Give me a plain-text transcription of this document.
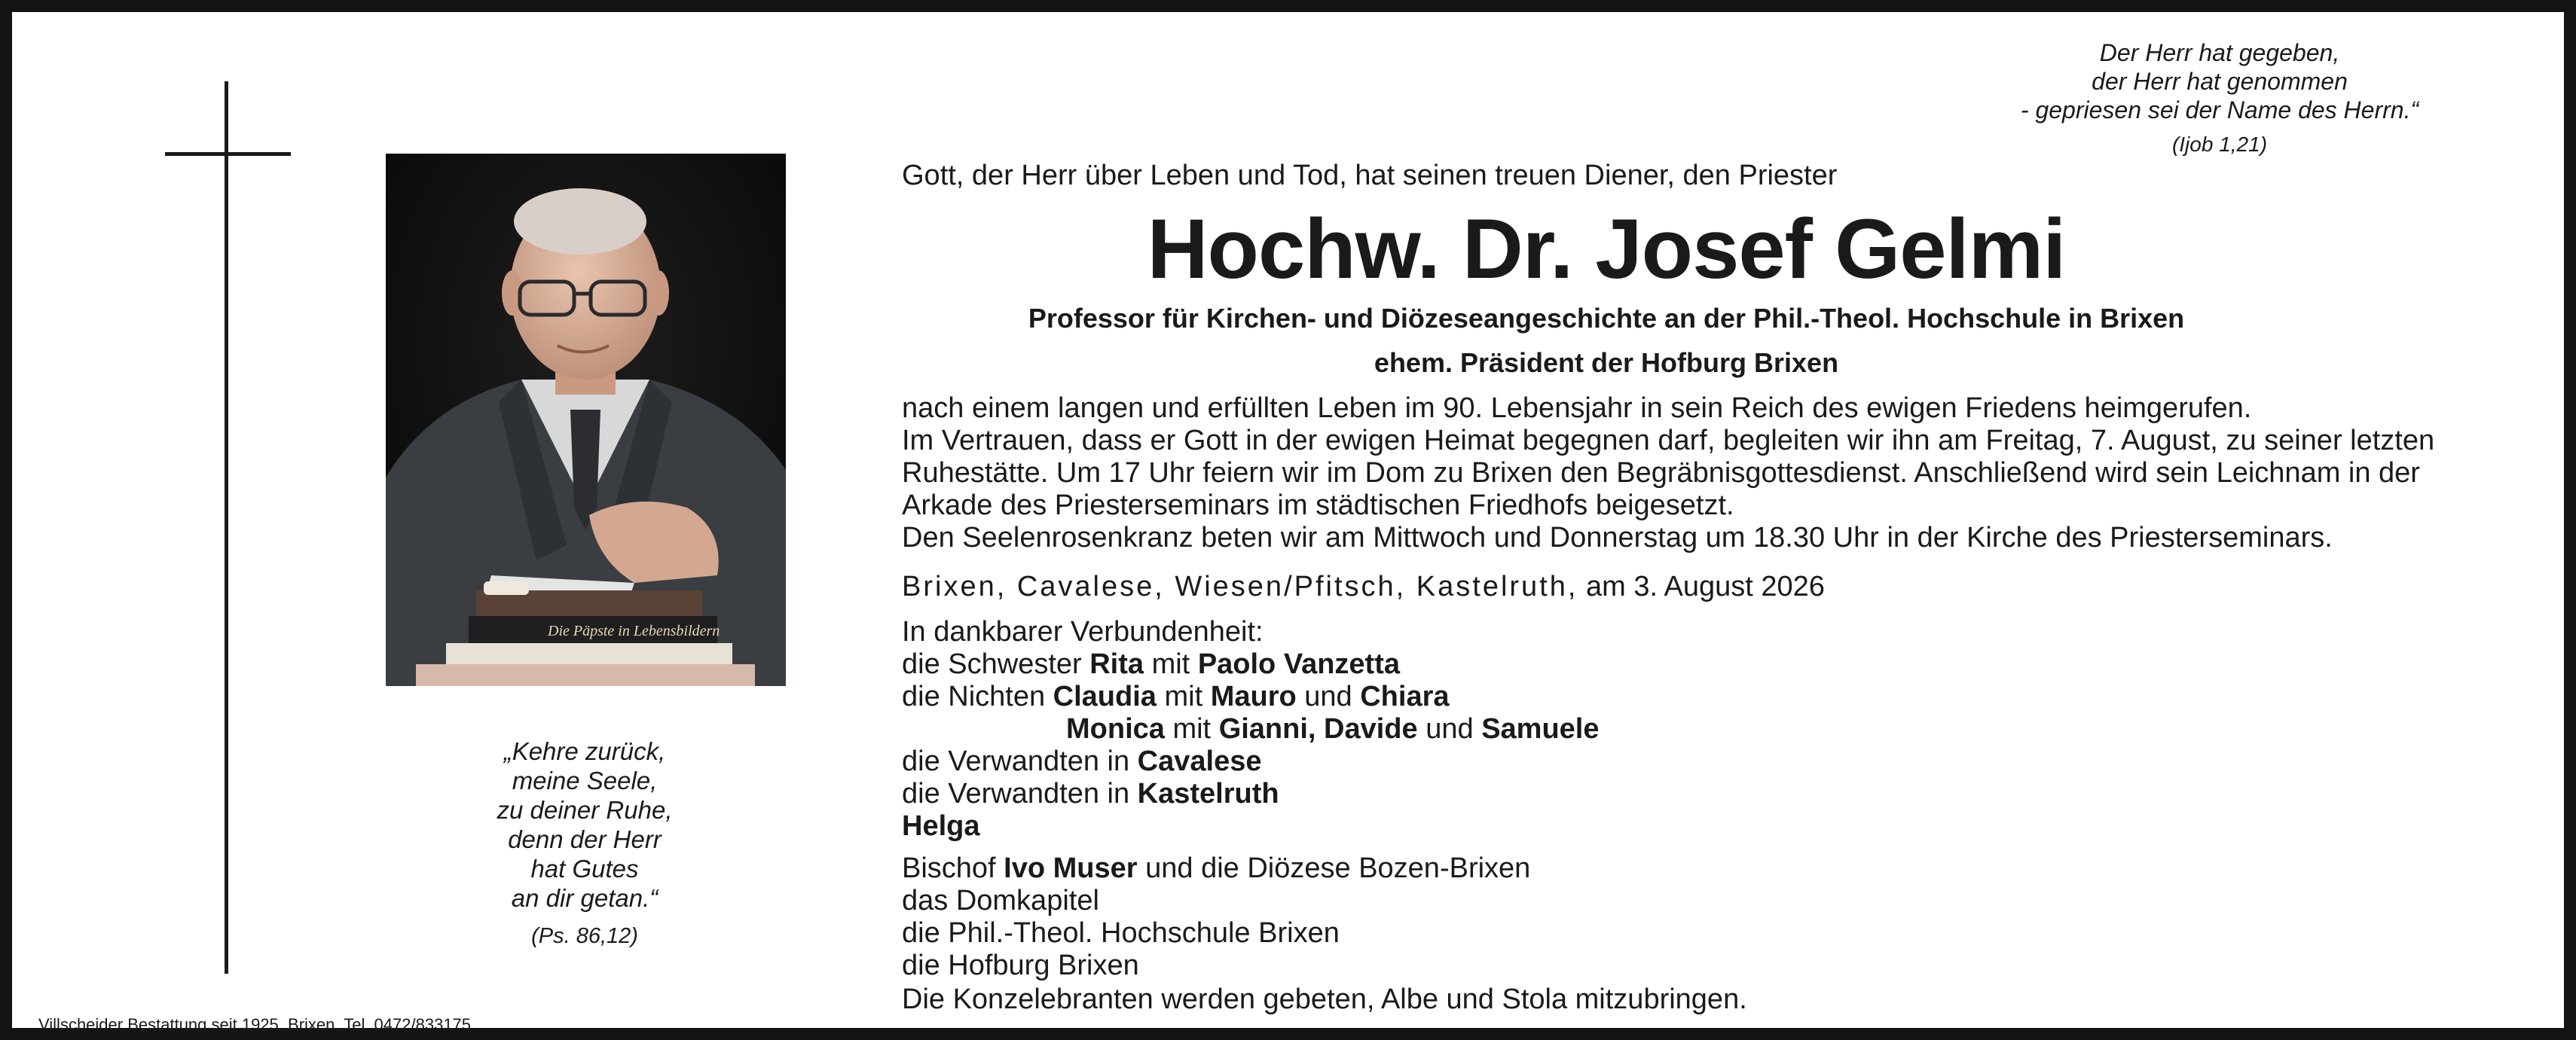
Die Päpste in Lebensbildern
„Kehre zurück,
meine Seele,
zu deiner Ruhe,
denn der Herr
hat Gutes
an dir getan.“
(Ps. 86,12)
Der Herr hat gegeben,
der Herr hat genommen
- gepriesen sei der Name des Herrn.“
(Ijob 1,21)
Gott, der Herr über Leben und Tod, hat seinen treuen Diener, den Priester
Hochw. Dr. Josef Gelmi
Professor für Kirchen- und Diözeseangeschichte an der Phil.-Theol. Hochschule in Brixen
ehem. Präsident der Hofburg Brixen

nach einem langen und erfüllten Leben im 90. Lebensjahr in sein Reich des ewigen Friedens heimgerufen.

Im Vertrauen, dass er Gott in der ewigen Heimat begegnen darf, begleiten wir ihn am Freitag, 7. August, zu seiner letzten Ruhestätte. Um 17 Uhr feiern wir im Dom zu Brixen den Begräbnisgottesdienst. Anschließend wird sein Leichnam in der Arkade des Priesterseminars im städtischen Friedhofs beigesetzt.

Den Seelenrosenkranz beten wir am Mittwoch und Donnerstag um 18.30 Uhr in der Kirche des Priesterseminars.

Brixen, Cavalese, Wiesen/Pfitsch, Kastelruth, am 3. August 2026
In dankbarer Verbundenheit:
die Schwester Rita mit Paolo Vanzetta
die Nichten Claudia mit Mauro und Chiara
Monica mit Gianni, Davide und Samuele
die Verwandten in Cavalese
die Verwandten in Kastelruth
Helga
Bischof Ivo Muser und die Diözese Bozen-Brixen
das Domkapitel
die Phil.-Theol. Hochschule Brixen
die Hofburg Brixen
Die Konzelebranten werden gebeten, Albe und Stola mitzubringen.
Villscheider Bestattung seit 1925, Brixen, Tel. 0472/833175
